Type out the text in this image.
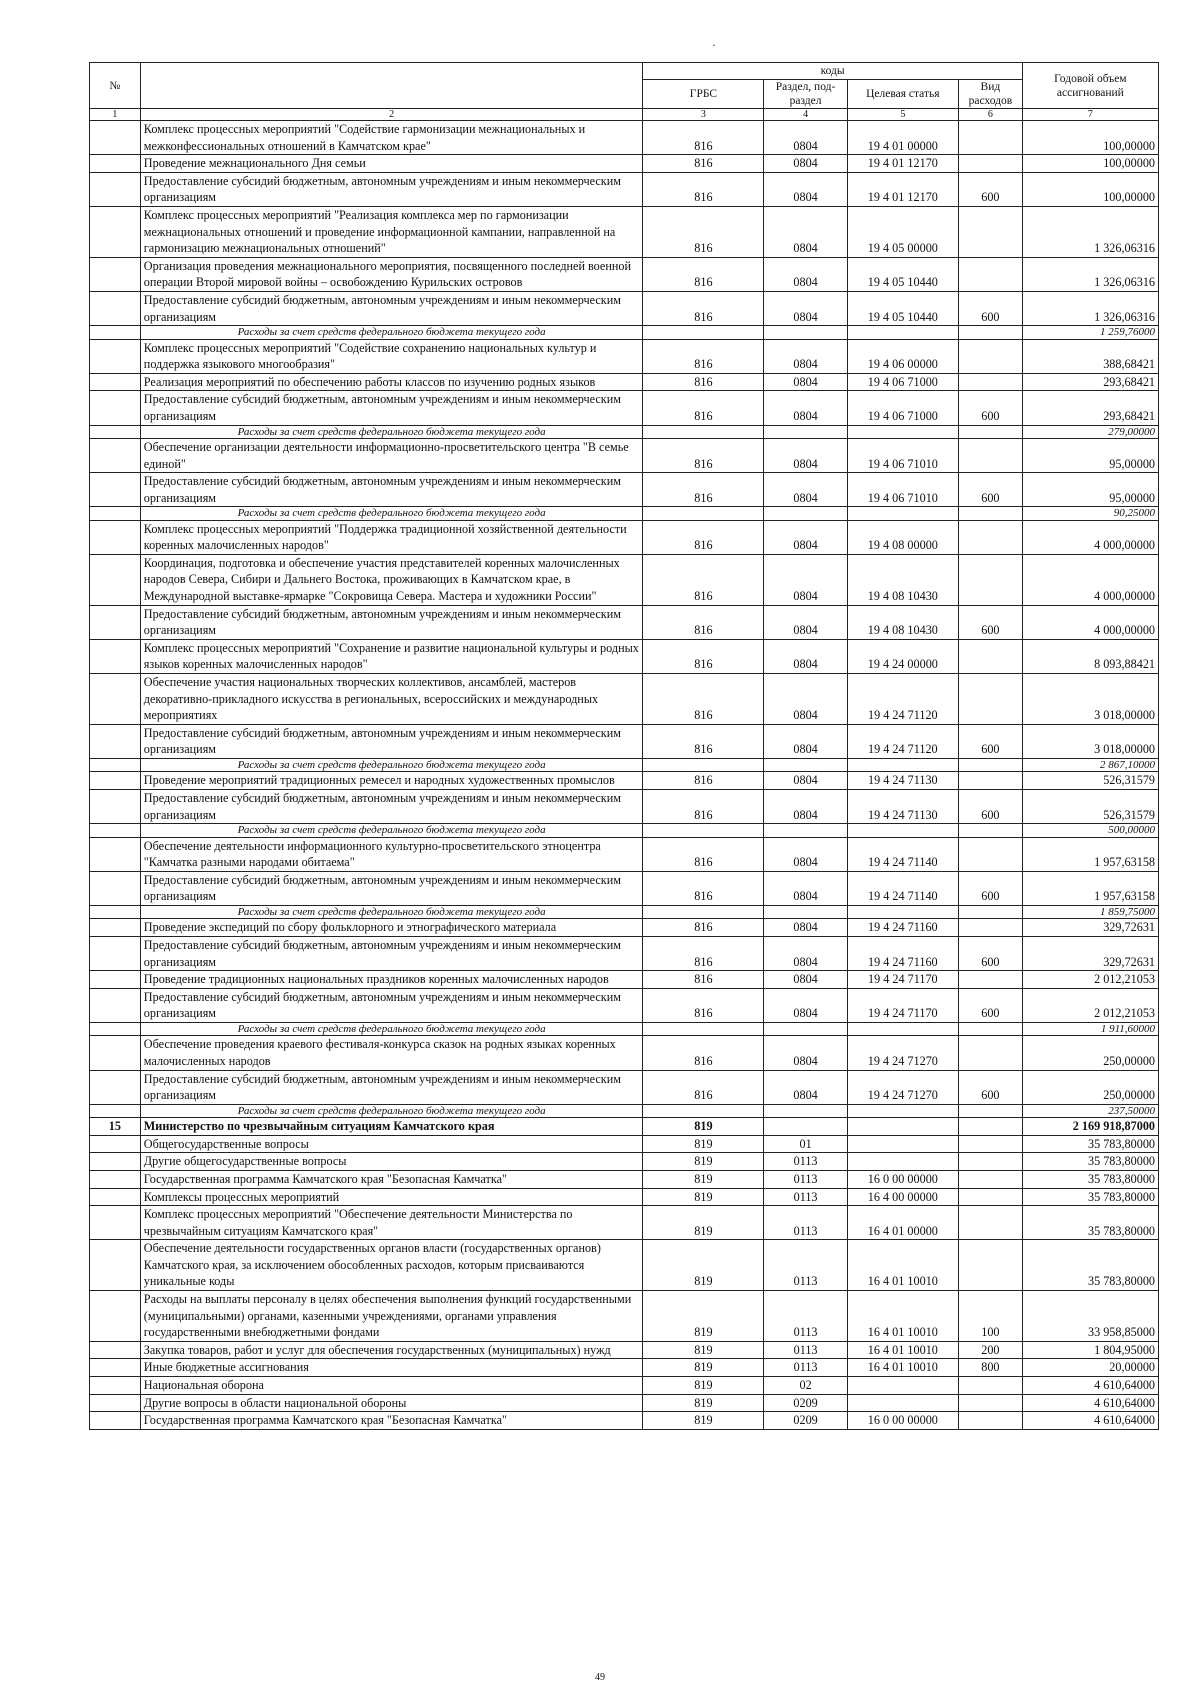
·
№		коды				Годовой объем ассигнований
		ГРБС	Раздел, под-раздел	Целевая статья	Вид расходов	
1	2	3	4	5	6	7
	Комплекс процессных мероприятий "Содействие гармонизации межнациональных и межконфессиональных отношений в Камчатском крае"	816	0804	19 4 01 00000		100,00000
	Проведение межнационального Дня семьи	816	0804	19 4 01 12170		100,00000
	Предоставление субсидий бюджетным, автономным учреждениям и иным некоммерческим организациям	816	0804	19 4 01 12170	600	100,00000
	Комплекс процессных мероприятий "Реализация комплекса мер по гармонизации межнациональных отношений и проведение информационной кампании, направленной на гармонизацию межнациональных отношений"	816	0804	19 4 05 00000		1 326,06316
	Организация проведения межнационального мероприятия, посвященного последней военной операции Второй мировой войны – освобождению Курильских островов	816	0804	19 4 05 10440		1 326,06316
	Предоставление субсидий бюджетным, автономным учреждениям и иным некоммерческим организациям	816	0804	19 4 05 10440	600	1 326,06316
	Расходы за счет средств федерального бюджета текущего года					1 259,76000
	Комплекс процессных мероприятий "Содействие сохранению национальных культур и поддержка языкового многообразия"	816	0804	19 4 06 00000		388,68421
	Реализация мероприятий по обеспечению работы классов по изучению родных языков	816	0804	19 4 06 71000		293,68421
	Предоставление субсидий бюджетным, автономным учреждениям и иным некоммерческим организациям	816	0804	19 4 06 71000	600	293,68421
	Расходы за счет средств федерального бюджета текущего года					279,00000
	Обеспечение организации деятельности информационно-просветительского центра "В семье единой"	816	0804	19 4 06 71010		95,00000
	Предоставление субсидий бюджетным, автономным учреждениям и иным некоммерческим организациям	816	0804	19 4 06 71010	600	95,00000
	Расходы за счет средств федерального бюджета текущего года					90,25000
	Комплекс процессных мероприятий "Поддержка традиционной хозяйственной деятельности коренных малочисленных народов"	816	0804	19 4 08 00000		4 000,00000
	Координация, подготовка и обеспечение участия представителей коренных малочисленных народов Севера, Сибири и Дальнего Востока, проживающих в Камчатском крае, в Международной выставке-ярмарке "Сокровища Севера. Мастера и художники России"	816	0804	19 4 08 10430		4 000,00000
	Предоставление субсидий бюджетным, автономным учреждениям и иным некоммерческим организациям	816	0804	19 4 08 10430	600	4 000,00000
	Комплекс процессных мероприятий "Сохранение и развитие национальной культуры и родных языков коренных малочисленных народов"	816	0804	19 4 24 00000		8 093,88421
	Обеспечение участия национальных творческих коллективов, ансамблей, мастеров декоративно-прикладного искусства в региональных, всероссийских и международных мероприятиях	816	0804	19 4 24 71120		3 018,00000
	Предоставление субсидий бюджетным, автономным учреждениям и иным некоммерческим организациям	816	0804	19 4 24 71120	600	3 018,00000
	Расходы за счет средств федерального бюджета текущего года					2 867,10000
	Проведение мероприятий традиционных ремесел и народных художественных промыслов	816	0804	19 4 24 71130		526,31579
	Предоставление субсидий бюджетным, автономным учреждениям и иным некоммерческим организациям	816	0804	19 4 24 71130	600	526,31579
	Расходы за счет средств федерального бюджета текущего года					500,00000
	Обеспечение деятельности информационного культурно-просветительского этноцентра "Камчатка разными народами обитаема"	816	0804	19 4 24 71140		1 957,63158
	Предоставление субсидий бюджетным, автономным учреждениям и иным некоммерческим организациям	816	0804	19 4 24 71140	600	1 957,63158
	Расходы за счет средств федерального бюджета текущего года					1 859,75000
	Проведение экспедиций по сбору фольклорного и этнографического материала	816	0804	19 4 24 71160		329,72631
	Предоставление субсидий бюджетным, автономным учреждениям и иным некоммерческим организациям	816	0804	19 4 24 71160	600	329,72631
	Проведение традиционных национальных праздников коренных малочисленных народов	816	0804	19 4 24 71170		2 012,21053
	Предоставление субсидий бюджетным, автономным учреждениям и иным некоммерческим организациям	816	0804	19 4 24 71170	600	2 012,21053
	Расходы за счет средств федерального бюджета текущего года					1 911,60000
	Обеспечение проведения краевого фестиваля-конкурса сказок на родных языках коренных малочисленных народов	816	0804	19 4 24 71270		250,00000
	Предоставление субсидий бюджетным, автономным учреждениям и иным некоммерческим организациям	816	0804	19 4 24 71270	600	250,00000
	Расходы за счет средств федерального бюджета текущего года					237,50000
15	Министерство по чрезвычайным ситуациям Камчатского края	819				2 169 918,87000
	Общегосударственные вопросы	819	01			35 783,80000
	Другие общегосударственные вопросы	819	0113			35 783,80000
	Государственная программа Камчатского края "Безопасная Камчатка"	819	0113	16 0 00 00000		35 783,80000
	Комплексы процессных мероприятий	819	0113	16 4 00 00000		35 783,80000
	Комплекс процессных мероприятий "Обеспечение деятельности Министерства по чрезвычайным ситуациям Камчатского края"	819	0113	16 4 01 00000		35 783,80000
	Обеспечение деятельности государственных органов власти (государственных органов) Камчатского края, за исключением обособленных расходов, которым присваиваются уникальные коды	819	0113	16 4 01 10010		35 783,80000
	Расходы на выплаты персоналу в целях обеспечения выполнения функций государственными (муниципальными) органами, казенными учреждениями, органами управления государственными внебюджетными фондами	819	0113	16 4 01 10010	100	33 958,85000
	Закупка товаров, работ и услуг для обеспечения государственных (муниципальных) нужд	819	0113	16 4 01 10010	200	1 804,95000
	Иные бюджетные ассигнования	819	0113	16 4 01 10010	800	20,00000
	Национальная оборона	819	02			4 610,64000
	Другие вопросы в области национальной обороны	819	0209			4 610,64000
	Государственная программа Камчатского края "Безопасная Камчатка"	819	0209	16 0 00 00000		4 610,64000
49
